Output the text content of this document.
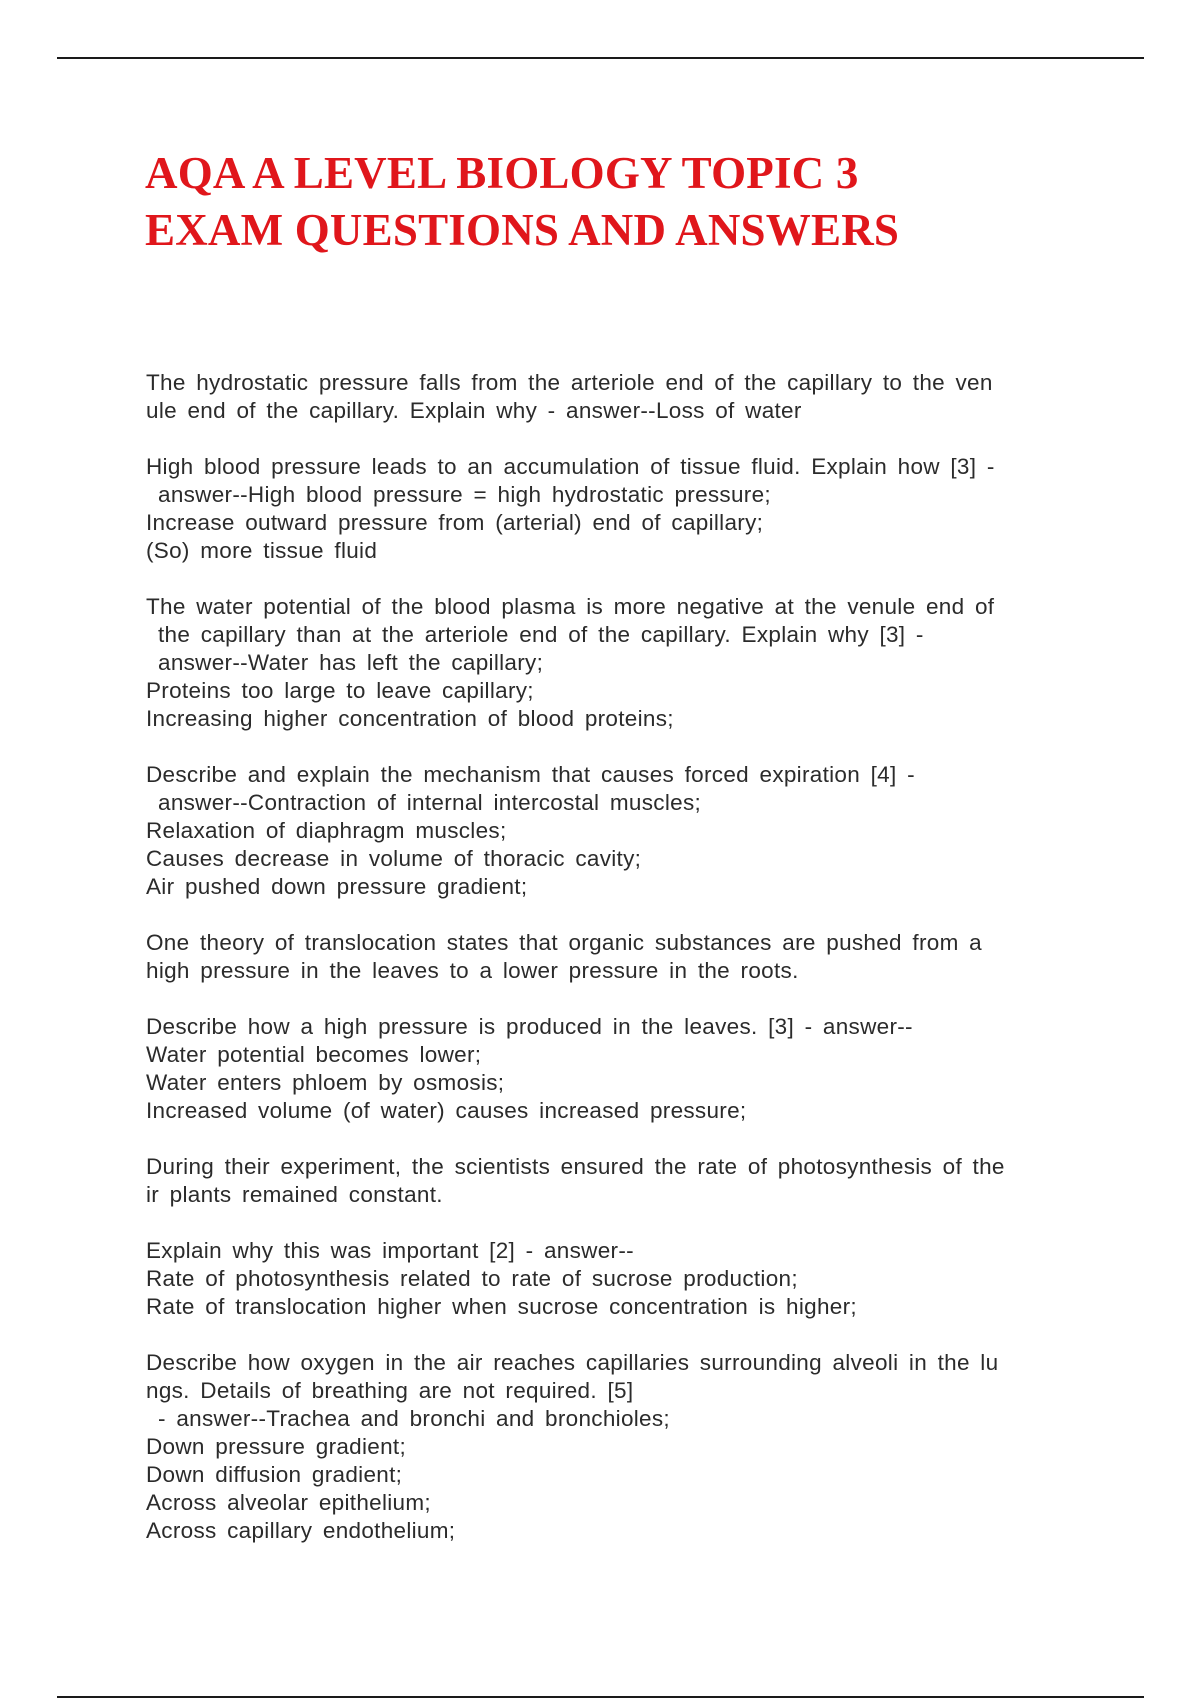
AQA A LEVEL BIOLOGY TOPIC 3
EXAM QUESTIONS AND ANSWERS

The hydrostatic pressure falls from the arteriole end of the capillary to the ven

ule end of the capillary. Explain why - answer--Loss of water

High blood pressure leads to an accumulation of tissue fluid. Explain how [3] -

answer--High blood pressure = high hydrostatic pressure;

Increase outward pressure from (arterial) end of capillary;

(So) more tissue fluid

The water potential of the blood plasma is more negative at the venule end of

the capillary than at the arteriole end of the capillary. Explain why [3] -

answer--Water has left the capillary;

Proteins too large to leave capillary;

Increasing higher concentration of blood proteins;

Describe and explain the mechanism that causes forced expiration [4] -

answer--Contraction of internal intercostal muscles;

Relaxation of diaphragm muscles;

Causes decrease in volume of thoracic cavity;

Air pushed down pressure gradient;

One theory of translocation states that organic substances are pushed from a

high pressure in the leaves to a lower pressure in the roots.

Describe how a high pressure is produced in the leaves. [3] - answer--

Water potential becomes lower;

Water enters phloem by osmosis;

Increased volume (of water) causes increased pressure;

During their experiment, the scientists ensured the rate of photosynthesis of the

ir plants remained constant.

Explain why this was important [2] - answer--

Rate of photosynthesis related to rate of sucrose production;

Rate of translocation higher when sucrose concentration is higher;

Describe how oxygen in the air reaches capillaries surrounding alveoli in the lu

ngs. Details of breathing are not required. [5]

- answer--Trachea and bronchi and bronchioles;

Down pressure gradient;

Down diffusion gradient;

Across alveolar epithelium;

Across capillary endothelium;
